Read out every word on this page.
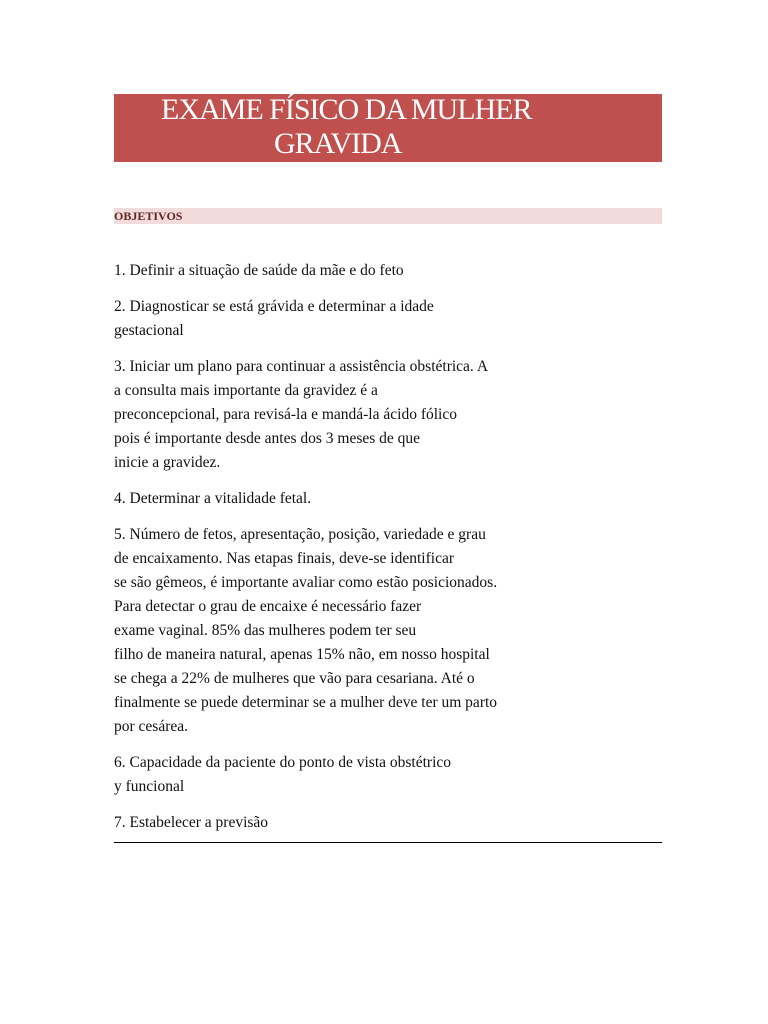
EXAME FÍSICO DA MULHER
GRAVIDA
OBJETIVOS
1. Definir a situação de saúde da mãe e do feto
2. Diagnosticar se está grávida e determinar a idade
gestacional
3. Iniciar um plano para continuar a assistência obstétrica. A
a consulta mais importante da gravidez é a
preconcepcional, para revisá-la e mandá-la ácido fólico
pois é importante desde antes dos 3 meses de que
inicie a gravidez.
4. Determinar a vitalidade fetal.
5. Número de fetos, apresentação, posição, variedade e grau
de encaixamento. Nas etapas finais, deve-se identificar
se são gêmeos, é importante avaliar como estão posicionados.
Para detectar o grau de encaixe é necessário fazer
exame vaginal. 85% das mulheres podem ter seu
filho de maneira natural, apenas 15% não, em nosso hospital
se chega a 22% de mulheres que vão para cesariana. Até o
finalmente se puede determinar se a mulher deve ter um parto
por cesárea.
6. Capacidade da paciente do ponto de vista obstétrico
y funcional
7. Estabelecer a previsão
